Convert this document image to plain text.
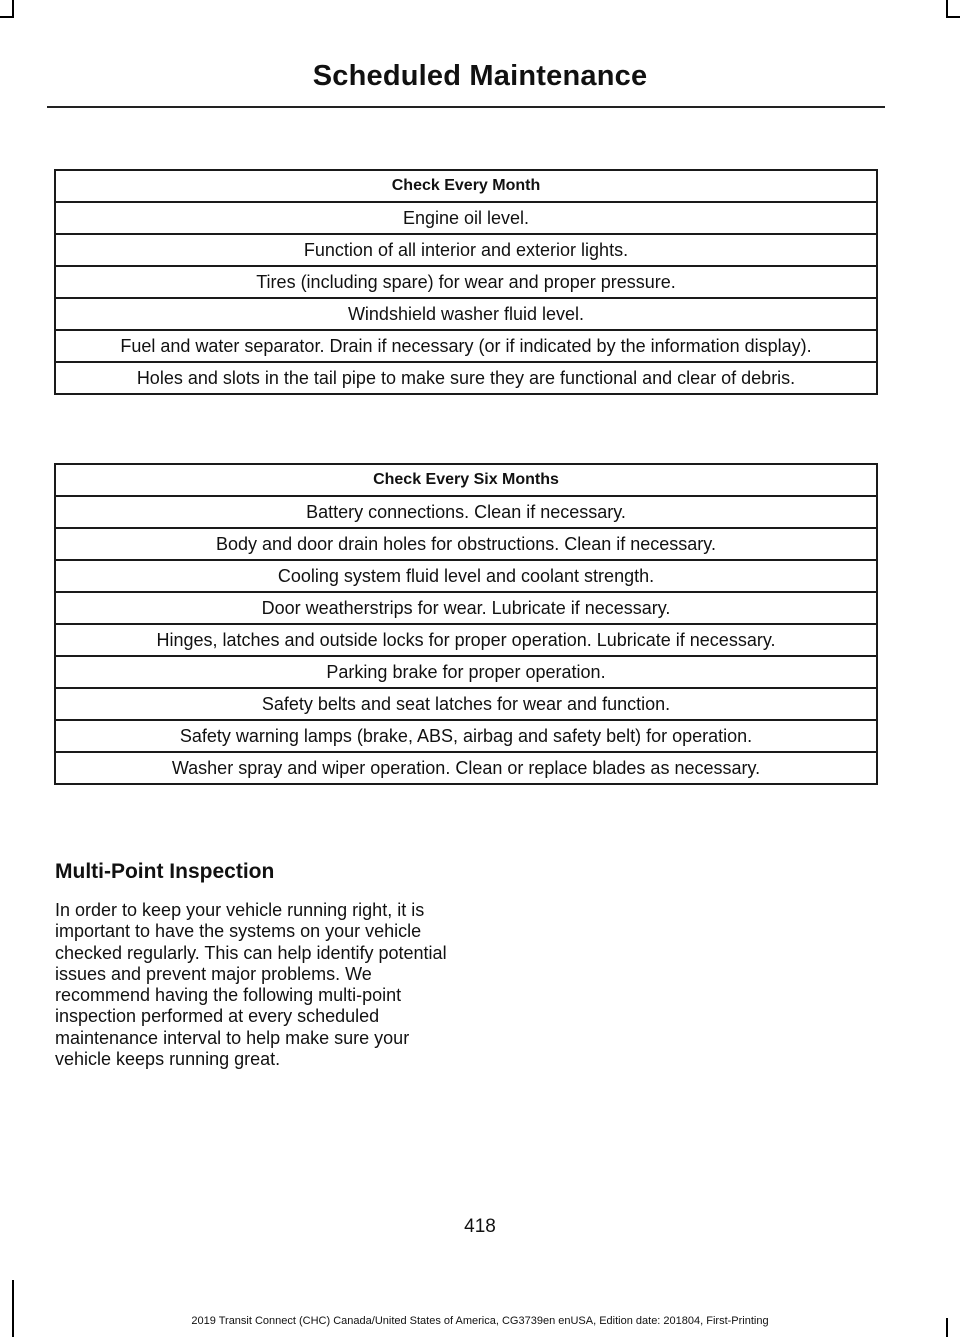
Scheduled Maintenance
Check Every Month
Engine oil level.
Function of all interior and exterior lights.
Tires (including spare) for wear and proper pressure.
Windshield washer fluid level.
Fuel and water separator. Drain if necessary (or if indicated by the information display).
Holes and slots in the tail pipe to make sure they are functional and clear of debris.
Check Every Six Months
Battery connections. Clean if necessary.
Body and door drain holes for obstructions. Clean if necessary.
Cooling system fluid level and coolant strength.
Door weatherstrips for wear. Lubricate if necessary.
Hinges, latches and outside locks for proper operation. Lubricate if necessary.
Parking brake for proper operation.
Safety belts and seat latches for wear and function.
Safety warning lamps (brake, ABS, airbag and safety belt) for operation.
Washer spray and wiper operation. Clean or replace blades as necessary.
Multi-Point Inspection

In order to keep your vehicle running right, it is important to have the systems on your vehicle checked regularly. This can help identify potential issues and prevent major problems. We recommend having the following multi-point inspection performed at every scheduled maintenance interval to help make sure your vehicle keeps running great.

418
2019 Transit Connect (CHC) Canada/United States of America, CG3739en enUSA, Edition date: 201804, First-Printing
